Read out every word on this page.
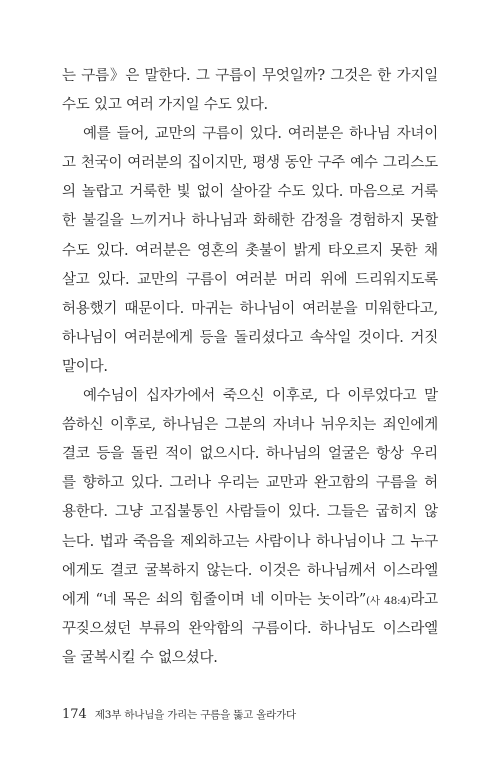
는 구름》은 말한다. 그 구름이 무엇일까? 그것은 한 가지일
수도 있고 여러 가지일 수도 있다.
예를 들어, 교만의 구름이 있다. 여러분은 하나님 자녀이
고 천국이 여러분의 집이지만, 평생 동안 구주 예수 그리스도
의 놀랍고 거룩한 빛 없이 살아갈 수도 있다. 마음으로 거룩
한 불길을 느끼거나 하나님과 화해한 감정을 경험하지 못할
수도 있다. 여러분은 영혼의 촛불이 밝게 타오르지 못한 채
살고 있다. 교만의 구름이 여러분 머리 위에 드리워지도록
허용했기 때문이다. 마귀는 하나님이 여러분을 미워한다고,
하나님이 여러분에게 등을 돌리셨다고 속삭일 것이다. 거짓
말이다.
예수님이 십자가에서 죽으신 이후로, 다 이루었다고 말
씀하신 이후로, 하나님은 그분의 자녀나 뉘우치는 죄인에게
결코 등을 돌린 적이 없으시다. 하나님의 얼굴은 항상 우리
를 향하고 있다. 그러나 우리는 교만과 완고함의 구름을 허
용한다. 그냥 고집불통인 사람들이 있다. 그들은 굽히지 않
는다. 법과 죽음을 제외하고는 사람이나 하나님이나 그 누구
에게도 결코 굴복하지 않는다. 이것은 하나님께서 이스라엘
에게 “네 목은 쇠의 힘줄이며 네 이마는 놋이라”(사 48:4)라고
꾸짖으셨던 부류의 완악함의 구름이다. 하나님도 이스라엘
을 굴복시킬 수 없으셨다.
174 제3부 하나님을 가리는 구름을 뚫고 올라가다
